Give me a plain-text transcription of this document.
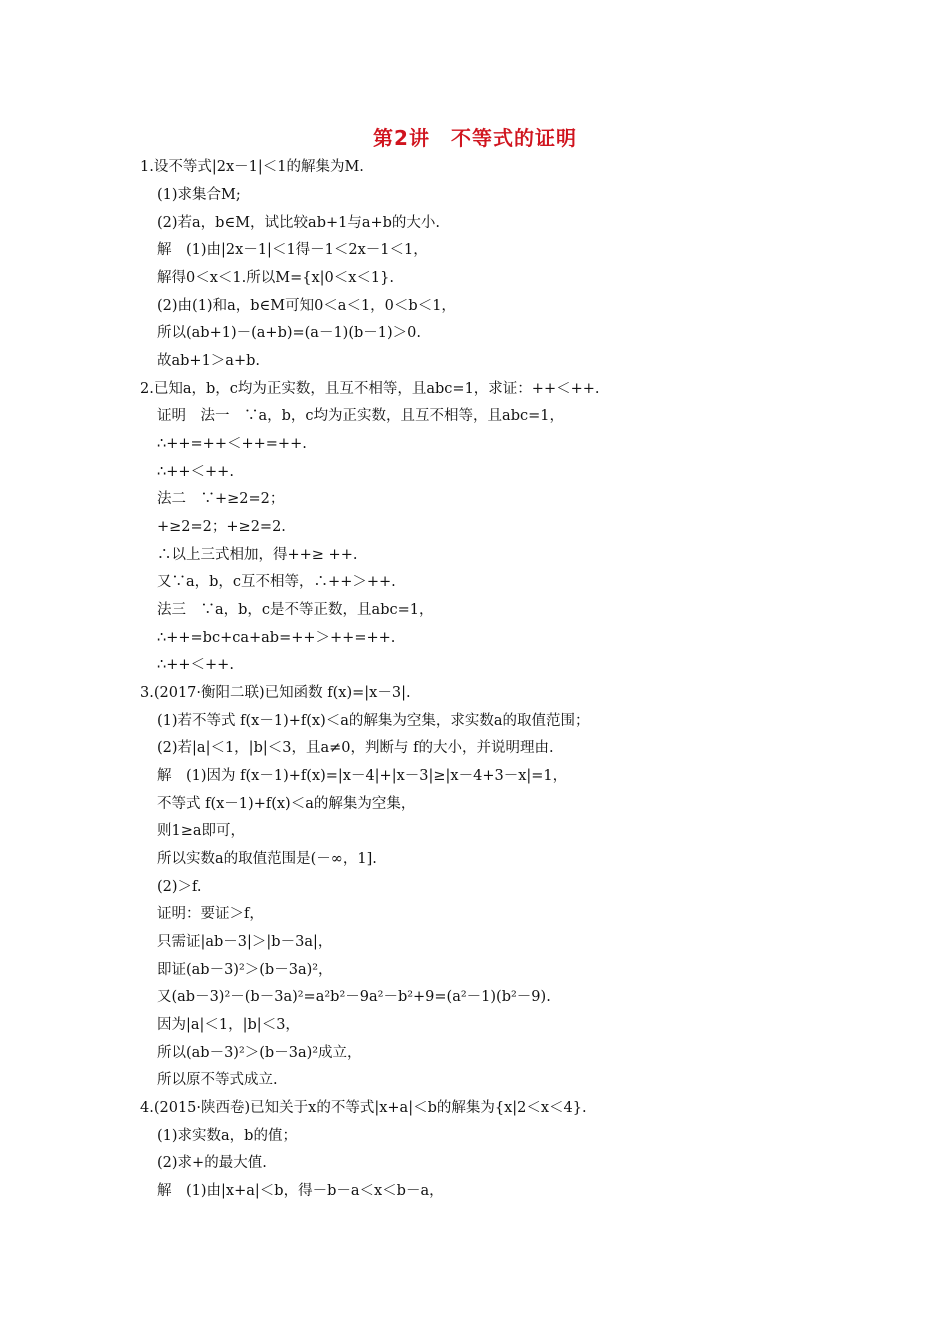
第2讲　不等式的证明
1.设不等式|2x－1|＜1的解集为M.
(1)求集合M;
(2)若a，b∈M，试比较ab+1与a+b的大小.
解　(1)由|2x－1|＜1得－1＜2x－1＜1，
解得0＜x＜1.所以M={x|0＜x＜1}.
(2)由(1)和a，b∈M可知0＜a＜1，0＜b＜1，
所以(ab+1)－(a+b)=(a－1)(b－1)＞0.
故ab+1＞a+b.
2.已知a，b，c均为正实数，且互不相等，且abc=1，求证：++＜++.
证明　法一　∵a，b，c均为正实数，且互不相等，且abc=1，
∴++=++＜++=++.
∴++＜++.
法二　∵+≥2=2；
+≥2=2；+≥2=2.
∴以上三式相加，得++≥ ++.
又∵a，b，c互不相等，∴++＞++.
法三　∵a，b，c是不等正数，且abc=1，
∴++=bc+ca+ab=++＞++=++.
∴++＜++.
3.(2017·衡阳二联)已知函数 f(x)=|x－3|.
(1)若不等式 f(x－1)+f(x)＜a的解集为空集，求实数a的取值范围；
(2)若|a|＜1，|b|＜3，且a≠0，判断与 f的大小，并说明理由.
解　(1)因为 f(x－1)+f(x)=|x－4|+|x－3|≥|x－4+3－x|=1，
不等式 f(x－1)+f(x)＜a的解集为空集，
则1≥a即可，
所以实数a的取值范围是(－∞，1].
(2)＞f.
证明：要证＞f，
只需证|ab－3|＞|b－3a|，
即证(ab－3)²＞(b－3a)²，
又(ab－3)²－(b－3a)²=a²b²－9a²－b²+9=(a²－1)(b²－9).
因为|a|＜1，|b|＜3，
所以(ab－3)²＞(b－3a)²成立，
所以原不等式成立.
4.(2015·陕西卷)已知关于x的不等式|x+a|＜b的解集为{x|2＜x＜4}.
(1)求实数a，b的值；
(2)求+的最大值.
解　(1)由|x+a|＜b，得－b－a＜x＜b－a，
